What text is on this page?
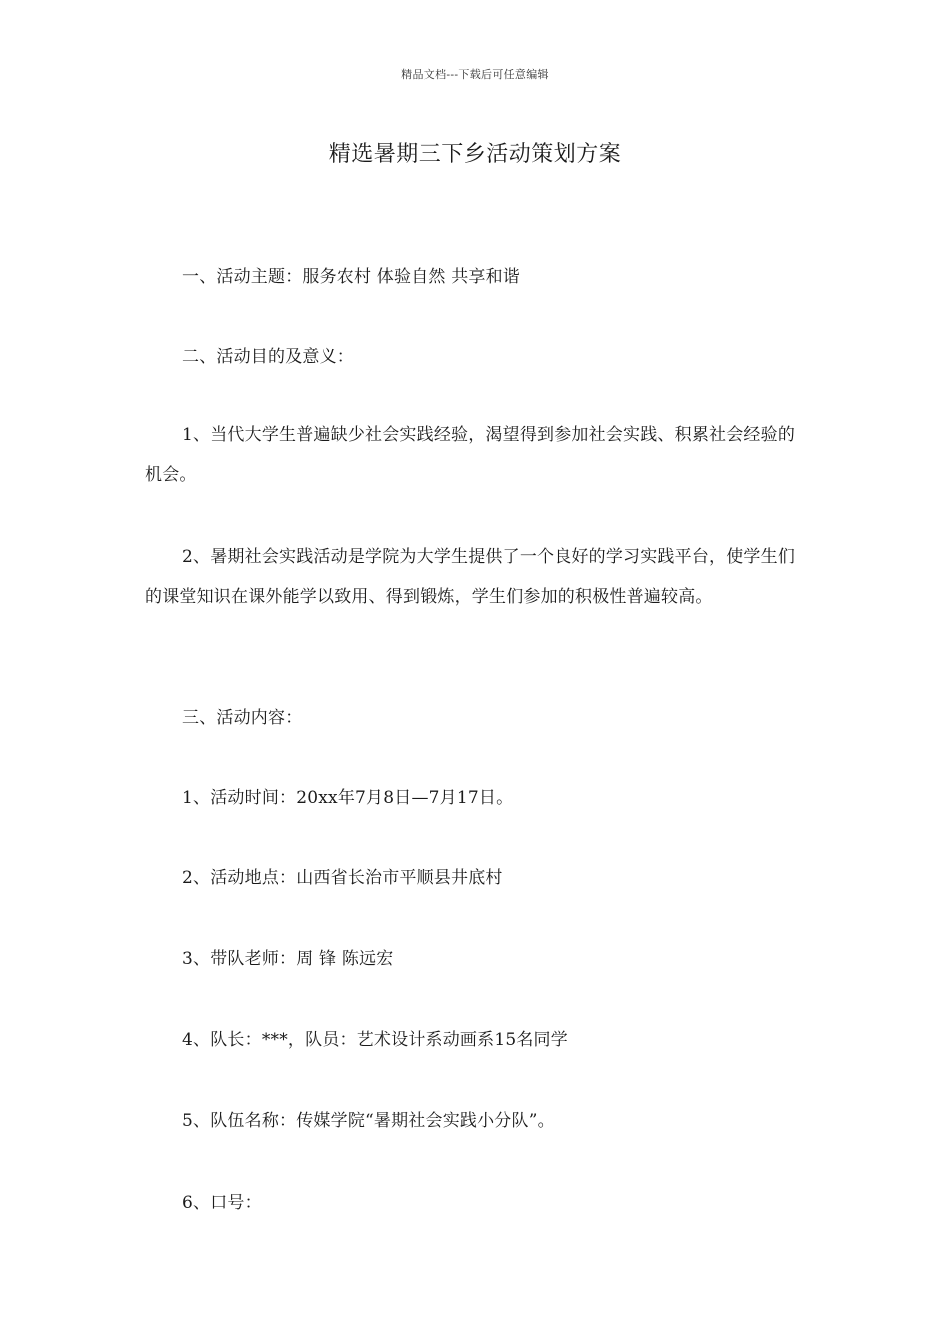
精品文档---下载后可任意编辑
精选暑期三下乡活动策划方案
一、活动主题：服务农村 体验自然 共享和谐
二、活动目的及意义：
1、当代大学生普遍缺少社会实践经验，渴望得到参加社会实践、积累社会经验的机会。
2、暑期社会实践活动是学院为大学生提供了一个良好的学习实践平台，使学生们的课堂知识在课外能学以致用、得到锻炼，学生们参加的积极性普遍较高。
三、活动内容：
1、活动时间：20xx年7月8日—7月17日。
2、活动地点：山西省长治市平顺县井底村
3、带队老师：周 锋 陈远宏
4、队长：***，队员：艺术设计系动画系15名同学
5、队伍名称：传媒学院“暑期社会实践小分队”。
6、口号：
